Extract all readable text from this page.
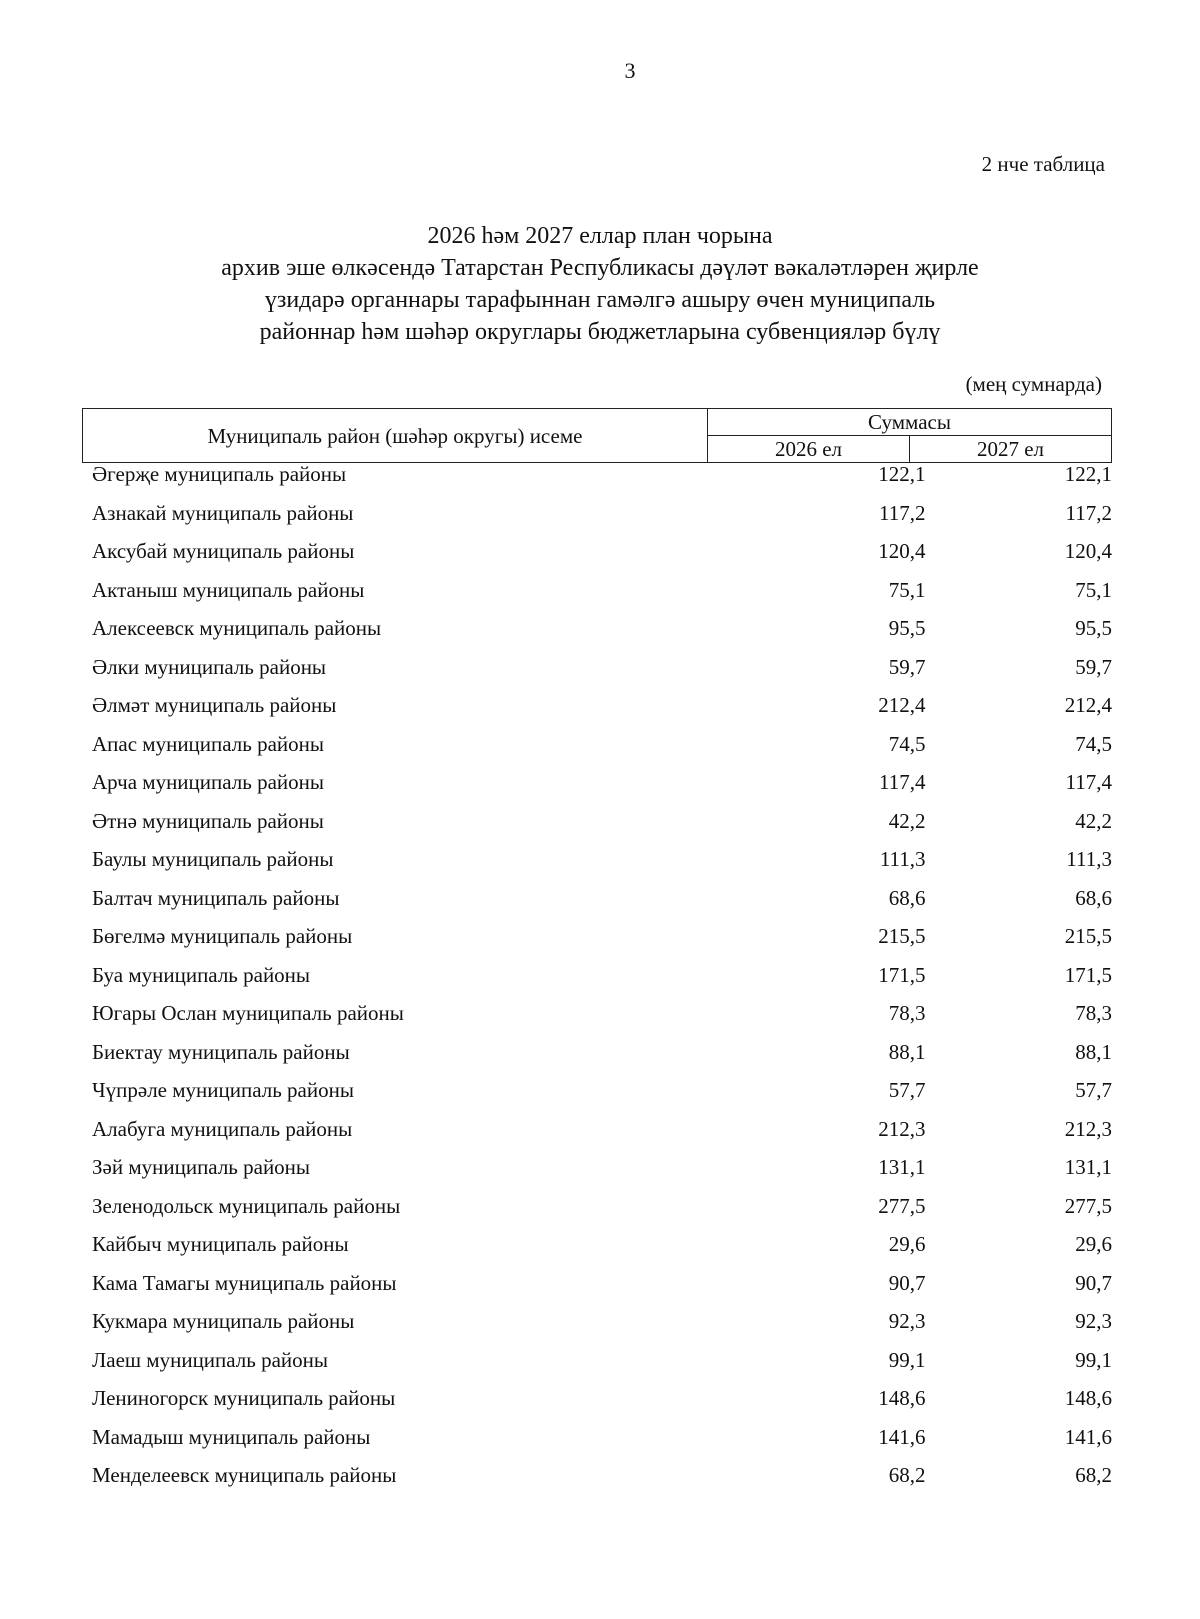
3
2 нче таблица
2026 һәм 2027 еллар план чорына
архив эше өлкәсендә Татарстан Республикасы дәүләт вәкаләтләрен җирле
үзидарә органнары тарафыннан гамәлгә ашыру өчен муниципаль
районнар һәм шәһәр округлары бюджетларына субвенцияләр бүлү
(мең сумнарда)
Муниципаль район (шәһәр округы) исеме	Суммасы	
	2026 ел	2027 ел
Әгерҗе муниципаль районы	122,1	122,1
Азнакай муниципаль районы	117,2	117,2
Аксубай муниципаль районы	120,4	120,4
Актаныш муниципаль районы	75,1	75,1
Алексеевск муниципаль районы	95,5	95,5
Әлки муниципаль районы	59,7	59,7
Әлмәт муниципаль районы	212,4	212,4
Апас муниципаль районы	74,5	74,5
Арча муниципаль районы	117,4	117,4
Әтнә муниципаль районы	42,2	42,2
Баулы муниципаль районы	111,3	111,3
Балтач муниципаль районы	68,6	68,6
Бөгелмә муниципаль районы	215,5	215,5
Буа муниципаль районы	171,5	171,5
Югары Ослан муниципаль районы	78,3	78,3
Биектау муниципаль районы	88,1	88,1
Чүпрәле муниципаль районы	57,7	57,7
Алабуга муниципаль районы	212,3	212,3
Зәй муниципаль районы	131,1	131,1
Зеленодольск муниципаль районы	277,5	277,5
Кайбыч муниципаль районы	29,6	29,6
Кама Тамагы муниципаль районы	90,7	90,7
Кукмара муниципаль районы	92,3	92,3
Лаеш муниципаль районы	99,1	99,1
Лениногорск муниципаль районы	148,6	148,6
Мамадыш муниципаль районы	141,6	141,6
Менделеевск муниципаль районы	68,2	68,2
